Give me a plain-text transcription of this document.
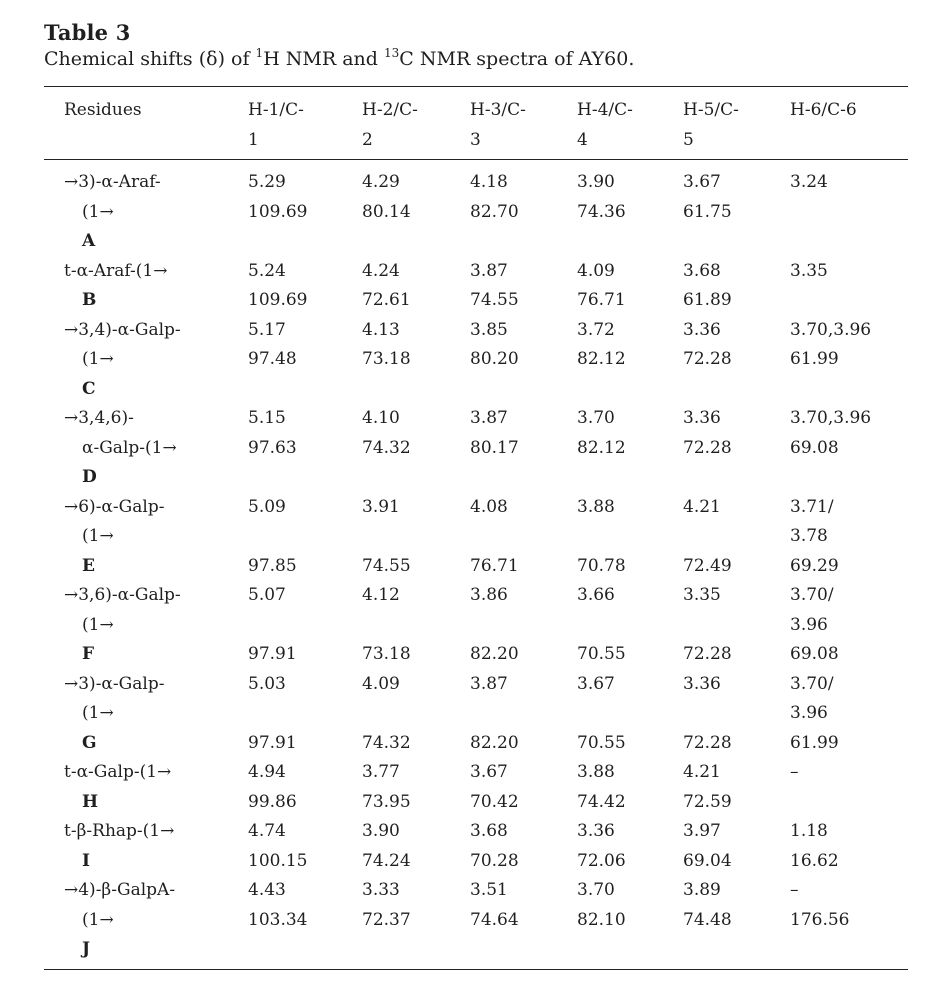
Table 3
Chemical shifts (δ) of $^1$H NMR and $^{13}$C NMR spectra of AY60.
Residues	H-1/C-
1
H-2/C-
2
H-3/C-
3
H-4/C-
4
H-5/C-
5
H-6/C-6
→3)-α-Araf-
(1→
A
5.29
109.69
4.29
80.14
4.18
82.70
3.90
74.36
3.67
61.75
3.24

t-α-Araf-(1→
B
5.24
109.69
4.24
72.61
3.87
74.55
4.09
76.71
3.68
61.89
3.35

→3,4)-α-Galp-
(1→
C
5.17
97.48
4.13
73.18
3.85
80.20
3.72
82.12
3.36
72.28
3.70,3.96
61.99
→3,4,6)-
α-Galp-(1→
D
5.15
97.63
4.10
74.32
3.87
80.17
3.70
82.12
3.36
72.28
3.70,3.96
69.08
→6)-α-Galp-
(1→
E
5.09

97.85
3.91

74.55
4.08

76.71
3.88

70.78
4.21

72.49
3.71/
3.78
69.29
→3,6)-α-Galp-
(1→
F
5.07

97.91
4.12

73.18
3.86

82.20
3.66

70.55
3.35

72.28
3.70/
3.96
69.08
→3)-α-Galp-
(1→
G
5.03

97.91
4.09

74.32
3.87

82.20
3.67

70.55
3.36

72.28
3.70/
3.96
61.99
t-α-Galp-(1→
H
4.94
99.86
3.77
73.95
3.67
70.42
3.88
74.42
4.21
72.59
–

t-β-Rhap-(1→
I
4.74
100.15
3.90
74.24
3.68
70.28
3.36
72.06
3.97
69.04
1.18
16.62
→4)-β-GalpA-
(1→
J
4.43
103.34
3.33
72.37
3.51
74.64
3.70
82.10
3.89
74.48
–
176.56
